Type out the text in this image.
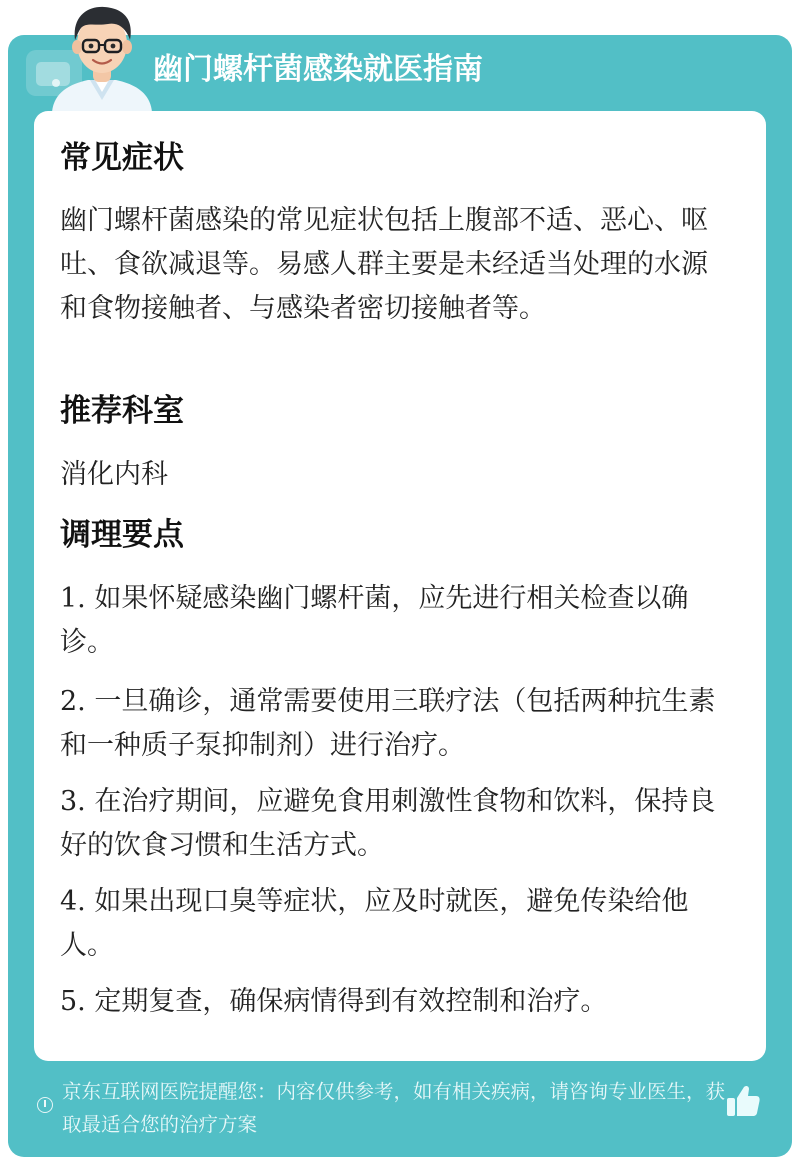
幽门螺杆菌感染就医指南
常见症状
幽门螺杆菌感染的常见症状包括上腹部不适、恶心、呕吐、食欲减退等。易感人群主要是未经适当处理的水源和食物接触者、与感染者密切接触者等。
推荐科室
消化内科
调理要点
1. 如果怀疑感染幽门螺杆菌，应先进行相关检查以确诊。
2. 一旦确诊，通常需要使用三联疗法（包括两种抗生素和一种质子泵抑制剂）进行治疗。
3. 在治疗期间，应避免食用刺激性食物和饮料，保持良好的饮食习惯和生活方式。
4. 如果出现口臭等症状，应及时就医，避免传染给他人。
5. 定期复查，确保病情得到有效控制和治疗。
京东互联网医院提醒您：内容仅供参考，如有相关疾病，请咨询专业医生，获取最适合您的治疗方案
